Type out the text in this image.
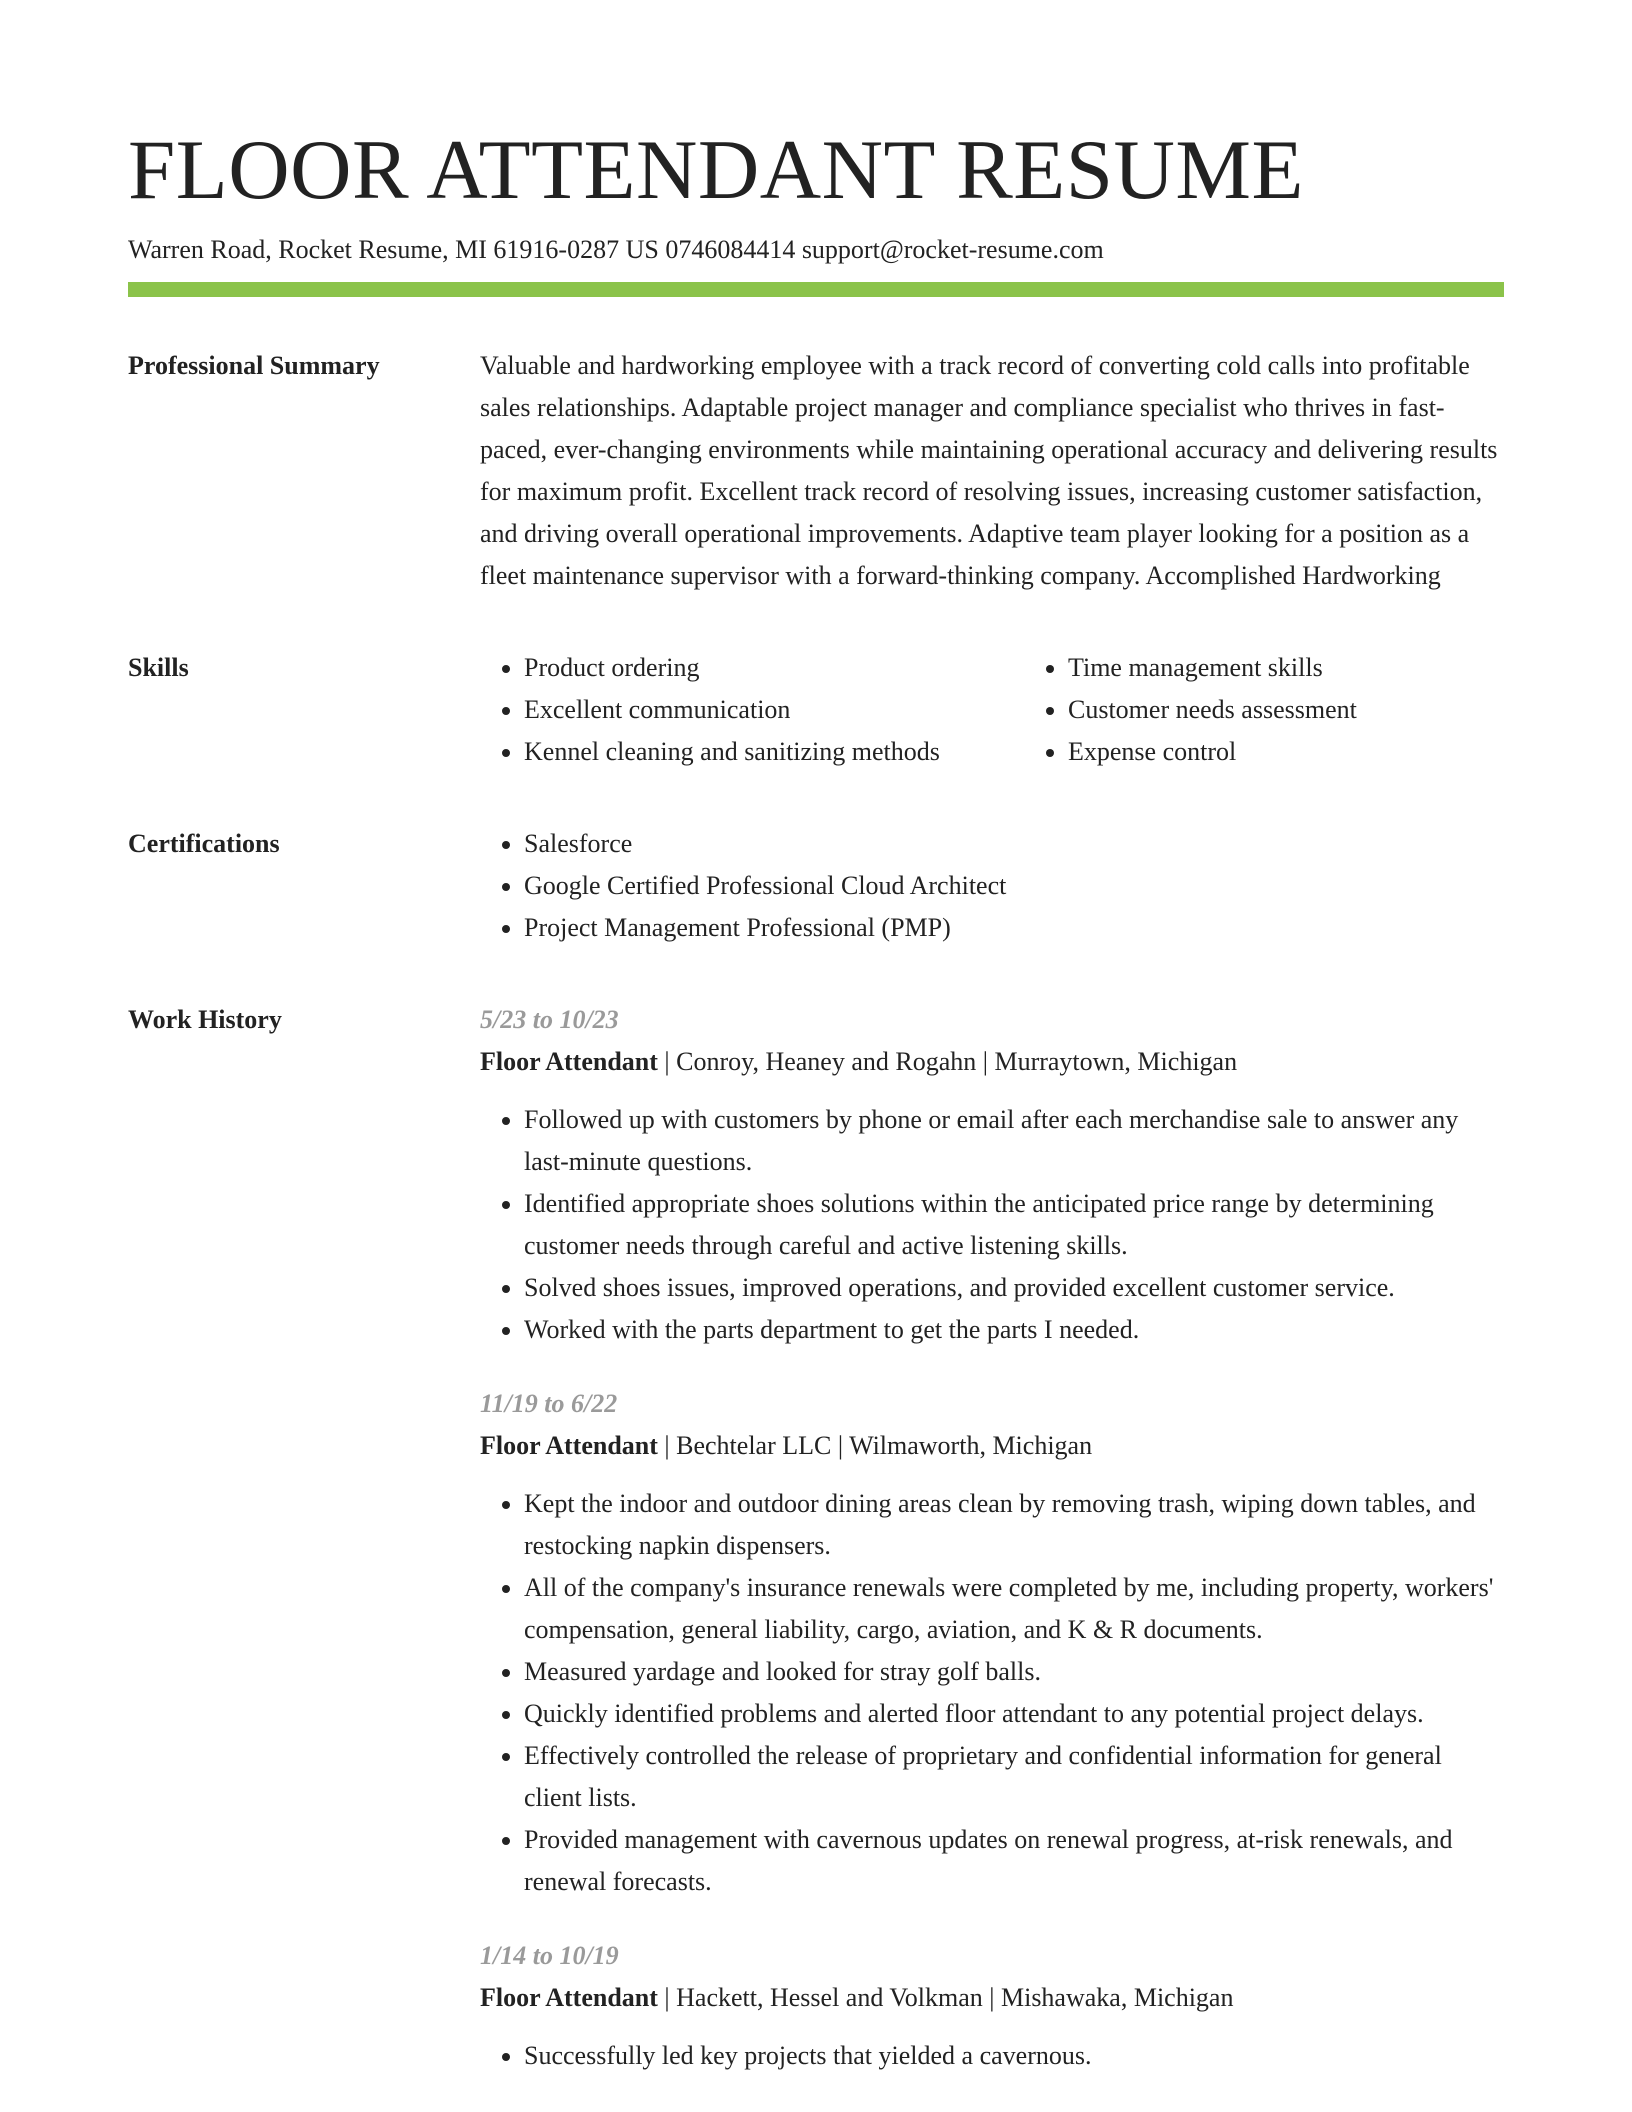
FLOOR ATTENDANT RESUME
Warren Road, Rocket Resume, MI 61916-0287 US 0746084414 support@rocket-resume.com
Professional Summary	Valuable and hardworking employee with a track record of converting cold calls into profitable sales relationships. Adaptable project manager and compliance specialist who thrives in fast-paced, ever-changing environments while maintaining operational accuracy and delivering results for maximum profit. Excellent track record of resolving issues, increasing customer satisfaction, and driving overall operational improvements. Adaptive team player looking for a position as a fleet maintenance supervisor with a forward-thinking company. Accomplished Hardworking

Skills	• Product ordering
• Excellent communication
• Kennel cleaning and sanitizing methods
• Time management skills
• Customer needs assessment
• Expense control
Certifications	• Salesforce
• Google Certified Professional Cloud Architect
• Project Management Professional (PMP)
Work History	5/23 to 10/23
Floor Attendant | Conroy, Heaney and Rogahn | Murraytown, Michigan
• Followed up with customers by phone or email after each merchandise sale to answer any last-minute questions.
• Identified appropriate shoes solutions within the anticipated price range by determining customer needs through careful and active listening skills.
• Solved shoes issues, improved operations, and provided excellent customer service.
• Worked with the parts department to get the parts I needed.
11/19 to 6/22
Floor Attendant | Bechtelar LLC | Wilmaworth, Michigan
• Kept the indoor and outdoor dining areas clean by removing trash, wiping down tables, and restocking napkin dispensers.
• All of the company's insurance renewals were completed by me, including property, workers' compensation, general liability, cargo, aviation, and K & R documents.
• Measured yardage and looked for stray golf balls.
• Quickly identified problems and alerted floor attendant to any potential project delays.
• Effectively controlled the release of proprietary and confidential information for general client lists.
• Provided management with cavernous updates on renewal progress, at-risk renewals, and renewal forecasts.
1/14 to 10/19
Floor Attendant | Hackett, Hessel and Volkman | Mishawaka, Michigan
• Successfully led key projects that yielded a cavernous.
